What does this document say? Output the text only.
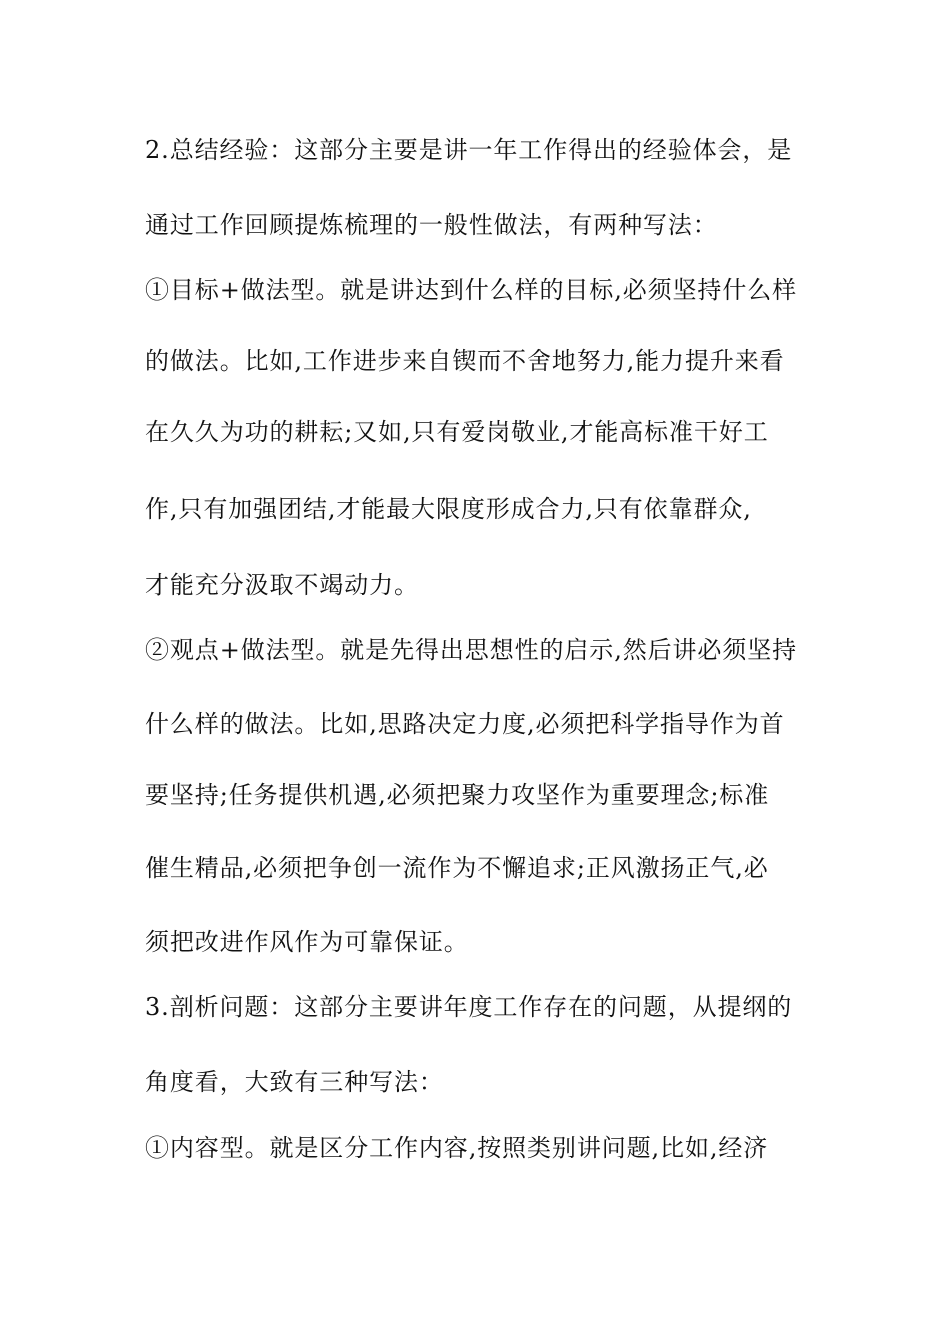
2.总结经验：这部分主要是讲一年工作得出的经验体会，是
通过工作回顾提炼梳理的一般性做法，有两种写法：
①目标+做法型。就是讲达到什么样的目标,必须坚持什么样
的做法。比如,工作进步来自锲而不舍地努力,能力提升来看
在久久为功的耕耘;又如,只有爱岗敬业,才能高标准干好工
作,只有加强团结,才能最大限度形成合力,只有依靠群众,
才能充分汲取不竭动力。
②观点+做法型。就是先得出思想性的启示,然后讲必须坚持
什么样的做法。比如,思路决定力度,必须把科学指导作为首
要坚持;任务提供机遇,必须把聚力攻坚作为重要理念;标准
催生精品,必须把争创一流作为不懈追求;正风激扬正气,必
须把改进作风作为可靠保证。
3.剖析问题：这部分主要讲年度工作存在的问题，从提纲的
角度看，大致有三种写法：
①内容型。就是区分工作内容,按照类别讲问题,比如,经济
